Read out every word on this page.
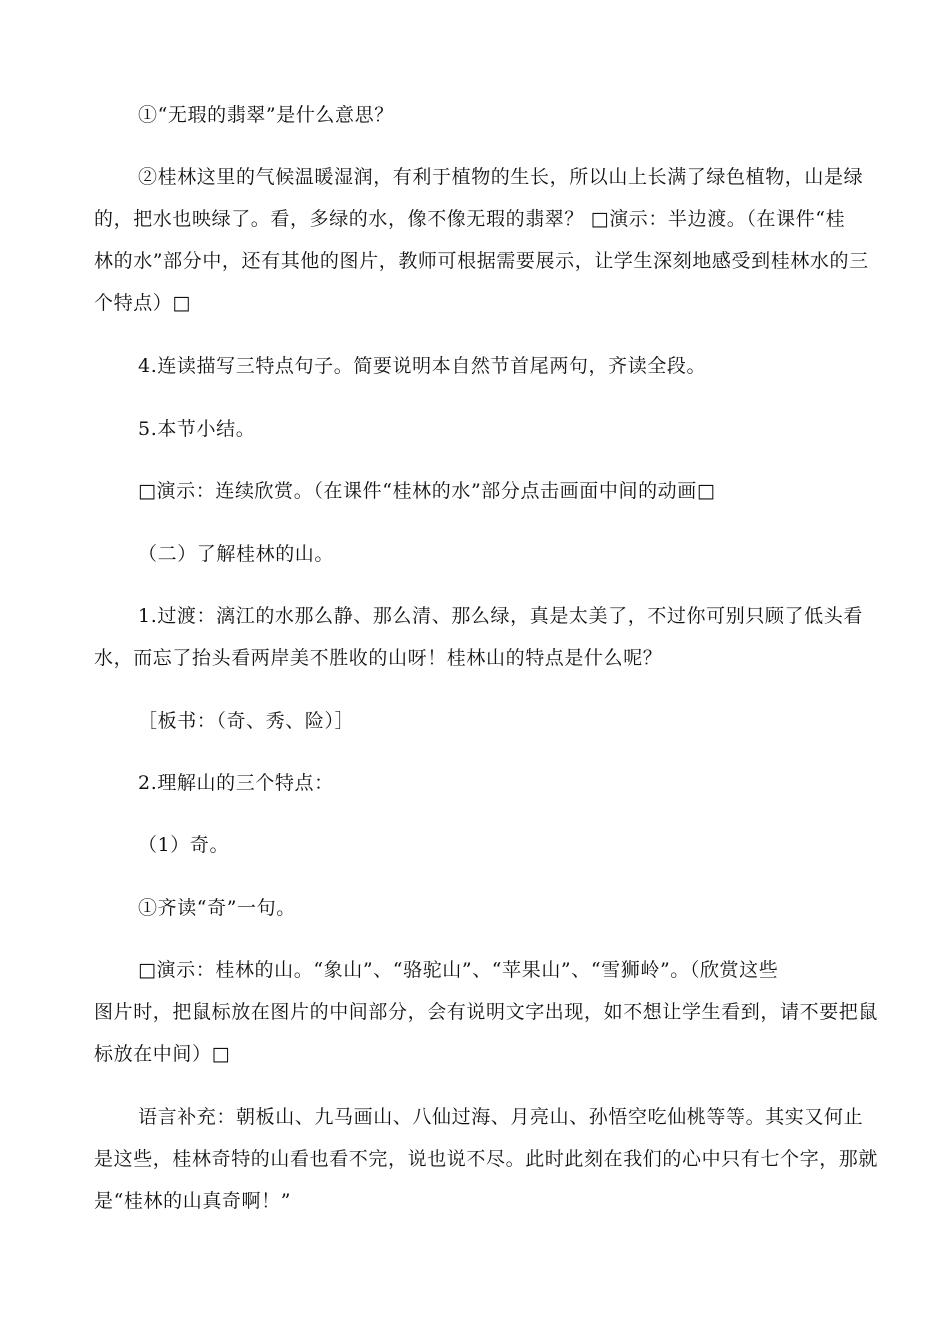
①“无瑕的翡翠”是什么意思？
②桂林这里的气候温暖湿润，有利于植物的生长，所以山上长满了绿色植物，山是绿
的，把水也映绿了。看，多绿的水，像不像无瑕的翡翠？ □演示：半边渡。（在课件“桂
林的水”部分中，还有其他的图片，教师可根据需要展示，让学生深刻地感受到桂林水的三
个特点）□
4.连读描写三特点句子。简要说明本自然节首尾两句，齐读全段。
5.本节小结。
□演示：连续欣赏。（在课件“桂林的水”部分点击画面中间的动画□
（二）了解桂林的山。
1.过渡：漓江的水那么静、那么清、那么绿，真是太美了，不过你可别只顾了低头看
水，而忘了抬头看两岸美不胜收的山呀！桂林山的特点是什么呢？
［板书：（奇、秀、险）］
2.理解山的三个特点：
（1）奇。
①齐读“奇”一句。
□演示：桂林的山。“象山”、“骆驼山”、“苹果山”、“雪狮岭”。（欣赏这些
图片时，把鼠标放在图片的中间部分，会有说明文字出现，如不想让学生看到，请不要把鼠
标放在中间）□
语言补充：朝板山、九马画山、八仙过海、月亮山、孙悟空吃仙桃等等。其实又何止
是这些，桂林奇特的山看也看不完，说也说不尽。此时此刻在我们的心中只有七个字，那就
是“桂林的山真奇啊！”
